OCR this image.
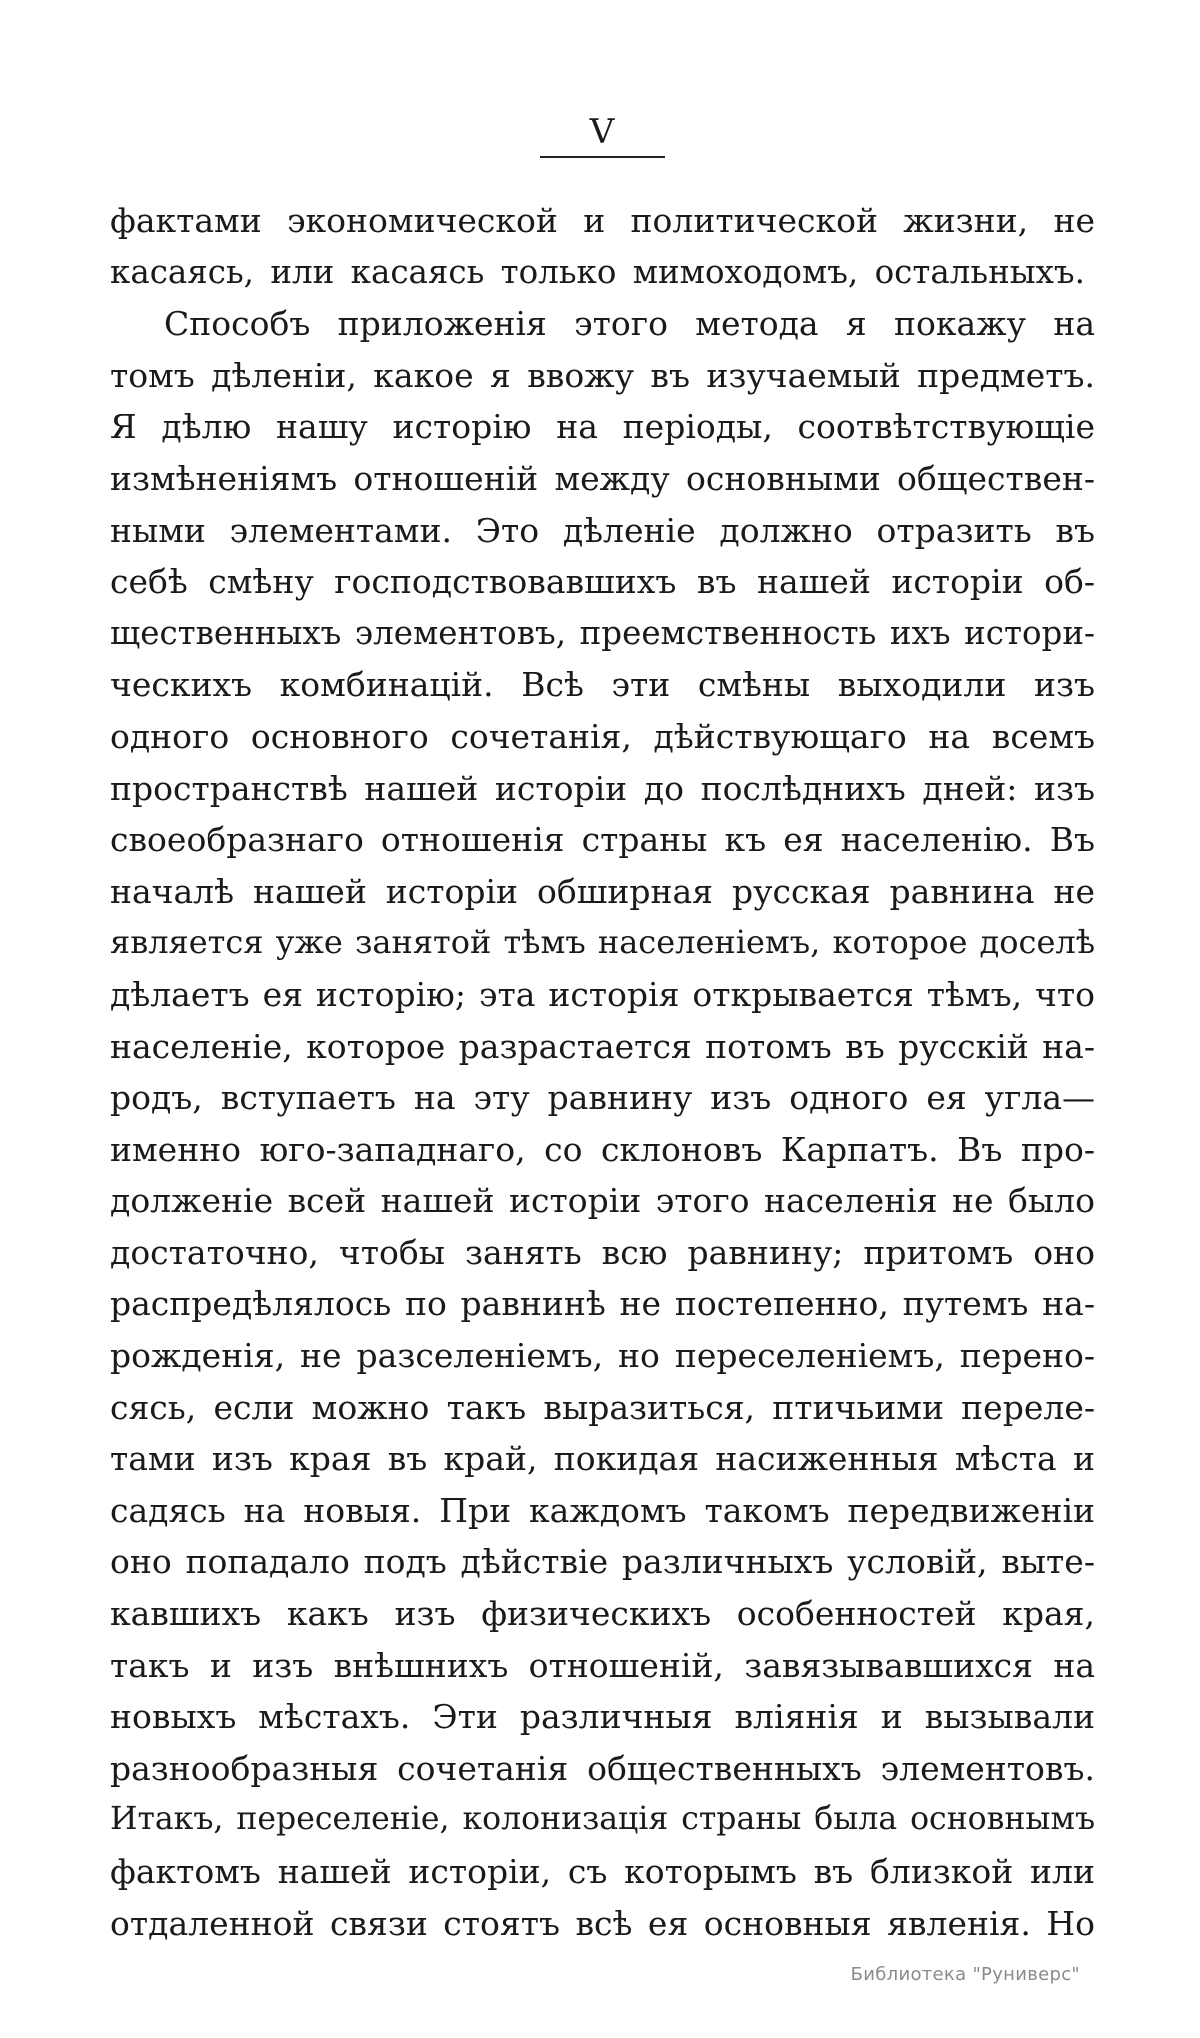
V
фактами экономической и политической жизни, не
касаясь, или касаясь только мимоходомъ, остальныхъ.
Способъ приложенія этого метода я покажу на
томъ дѣленіи, какое я ввожу въ изучаемый предметъ.
Я дѣлю нашу исторію на періоды, соотвѣтствующіе
измѣненіямъ отношеній между основными обществен-
ными элементами. Это дѣленіе должно отразить въ
себѣ смѣну господствовавшихъ въ нашей исторіи об-
щественныхъ элементовъ, преемственность ихъ истори-
ческихъ комбинацій. Всѣ эти смѣны выходили изъ
одного основного сочетанія, дѣйствующаго на всемъ
пространствѣ нашей исторіи до послѣднихъ дней: изъ
своеобразнаго отношенія страны къ ея населенію. Въ
началѣ нашей исторіи обширная русская равнина не
является уже занятой тѣмъ населеніемъ, которое доселѣ
дѣлаетъ ея исторію; эта исторія открывается тѣмъ, что
населеніе, которое разрастается потомъ въ русскій на-
родъ, вступаетъ на эту равнину изъ одного ея угла—
именно юго-западнаго, со склоновъ Карпатъ. Въ про-
долженіе всей нашей исторіи этого населенія не было
достаточно, чтобы занять всю равнину; притомъ оно
распредѣлялось по равнинѣ не постепенно, путемъ на-
рожденія, не разселеніемъ, но переселеніемъ, перено-
сясь, если можно такъ выразиться, птичьими переле-
тами изъ края въ край, покидая насиженныя мѣста и
садясь на новыя. При каждомъ такомъ передвиженіи
оно попадало подъ дѣйствіе различныхъ условій, выте-
кавшихъ какъ изъ физическихъ особенностей края,
такъ и изъ внѣшнихъ отношеній, завязывавшихся на
новыхъ мѣстахъ. Эти различныя вліянія и вызывали
разнообразныя сочетанія общественныхъ элементовъ.
Итакъ, переселеніе, колонизація страны была основнымъ
фактомъ нашей исторіи, съ которымъ въ близкой или
отдаленной связи стоятъ всѣ ея основныя явленія. Но
Библиотека "Руниверс"
